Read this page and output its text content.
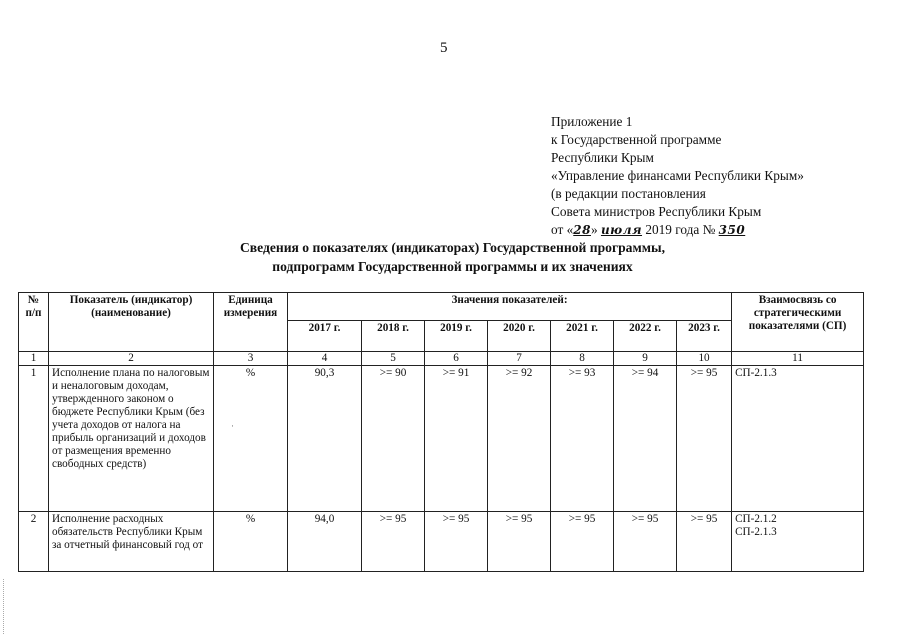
5
Приложение 1
к Государственной программе
Республики Крым
«Управление финансами Республики Крым»
(в редакции постановления
Совета министров Республики Крым
от «28» июля 2019 года № 350
Сведения о показателях (индикаторах) Государственной программы,
подпрограмм Государственной программы и их значениях
№ п/п	Показатель (индикатор) (наименование)	Единица измерения	Значения показателей:							Взаимосвязь со стратегическими показателями (СП)
			2017 г.	2018 г.	2019 г.	2020 г.	2021 г.	2022 г.	2023 г.	
1	2	3	4	5	6	7	8	9	10	11
1	Исполнение плана по налоговым и неналоговым доходам, утвержденного законом о бюджете Республики Крым (без учета доходов от налога на прибыль организаций и доходов от размещения временно свободных средств)	%	90,3	>= 90	>= 91	>= 92	>= 93	>= 94	>= 95	СП-2.1.3

2	Исполнение расходных обязательств Республики Крым за отчетный финансовый год от	%	94,0	>= 95	>= 95	>= 95	>= 95	>= 95	>= 95	СП-2.1.2
СП-2.1.3
·
